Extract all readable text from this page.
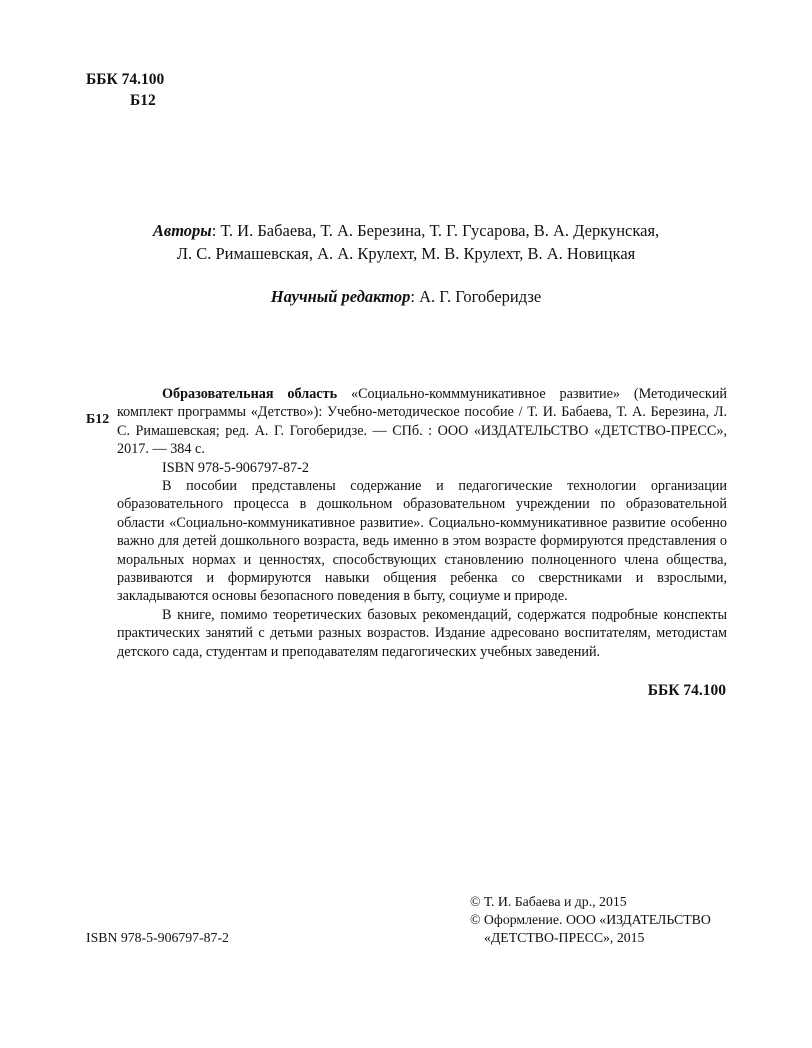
ББК 74.100
Б12
Авторы: Т. И. Бабаева, Т. А. Березина, Т. Г. Гусарова, В. А. Деркунская,
Л. С. Римашевская, А. А. Крулехт, М. В. Крулехт, В. А. Новицкая
Научный редактор: А. Г. Гогоберидзе
Б12

Образовательная область «Социально-комммуникативное развитие» (Методический комплект программы «Детство»): Учебно-методическое пособие / Т. И. Бабаева, Т. А. Березина, Л. С. Римашевская; ред. А. Г. Гогоберидзе. — СПб. : ООО «ИЗДАТЕЛЬСТВО «ДЕТСТВО-ПРЕСС», 2017. — 384 с.

ISBN 978-5-906797-87-2

В пособии представлены содержание и педагогические технологии организации образовательного процесса в дошкольном образовательном учреждении по образовательной области «Социально-коммуникативное развитие». Социально-коммуникативное развитие особенно важно для детей дошкольного возраста, ведь именно в этом возрасте формируются представления о моральных нормах и ценностях, способствующих становлению полноценного члена общества, развиваются и формируются навыки общения ребенка со сверстниками и взрослыми, закладываются основы безопасного поведения в быту, социуме и природе.

В книге, помимо теоретических базовых рекомендаций, содержатся подробные конспекты практических занятий с детьми разных возрастов. Издание адресовано воспитателям, методистам детского сада, студентам и преподавателям педагогических учебных заведений.

ББК 74.100
© Т. И. Бабаева и др., 2015
© Оформление. ООО «ИЗДАТЕЛЬСТВО
«ДЕТСТВО-ПРЕСС», 2015
ISBN 978-5-906797-87-2
